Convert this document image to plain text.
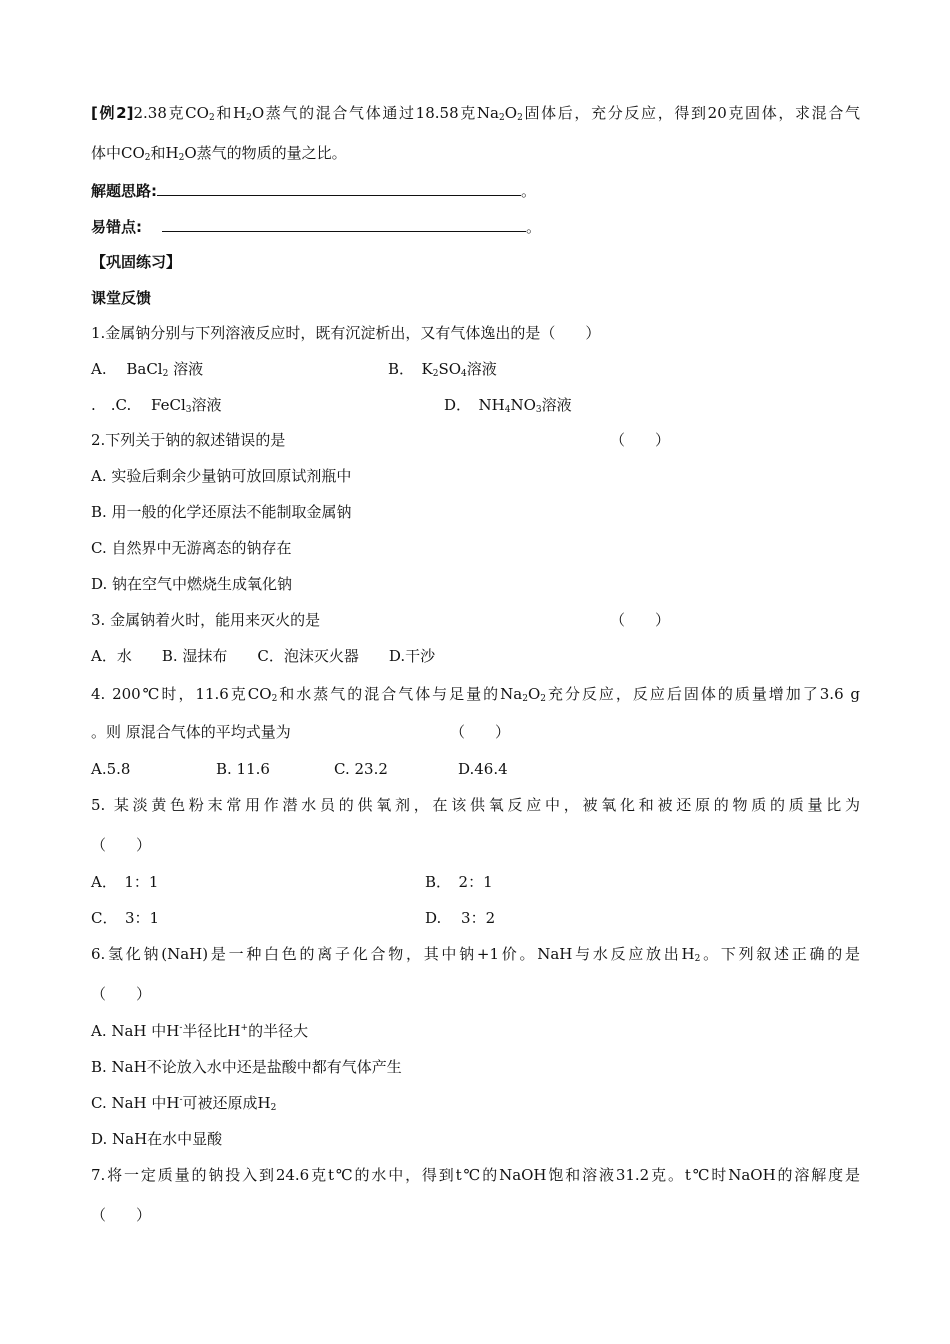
[例2]2.38克$CO_2$和$H_2O$蒸气的混合气体通过18.58克$Na_2O_2$固体后，充分反应，得到20克固体，求混合气
体中$CO_2$和$H_2O$蒸气的物质的量之比。
解题思路:	。
易错点:	。
【巩固练习】
课堂反馈
1.金属钠分别与下列溶液反应时，既有沉淀析出，又有气体逸出的是（　　）
A.　 BaCl$_2$ 溶液	B．　$K_2SO_4$溶液
.　.C.　 FeCl$_3$溶液	D．　$NH_4NO_3$溶液
2.下列关于钠的叙述错误的是	（　　）
A. 实验后剩余少量钠可放回原试剂瓶中
B. 用一般的化学还原法不能制取金属钠
C. 自然界中无游离态的钠存在
D. 钠在空气中燃烧生成氧化钠
3. 金属钠着火时，能用来灭火的是	（　　）
A．水　　B. 湿抹布　　C．泡沫灭火器　　D.干沙
4. 200℃时，11.6克$CO_2$和水蒸气的混合气体与足量的$Na_2O_2$充分反应，反应后固体的质量增加了3.6 g
。则 原混合气体的平均式量为	（　　）
A.5.8	B. 11.6	C. 23.2	D.46.4
5. 某淡黄色粉末常用作潜水员的供氧剂，在该供氧反应中，被氧化和被还原的物质的质量比为
（　　）
A．　1：1	B．　2：1
C．　3：1	D.　 3：2
6.氢化钠(NaH)是一种白色的离子化合物，其中钠+1价。NaH与水反应放出$H_2$。下列叙述正确的是
（　　）
A. NaH 中H-半径比H+的半径大
B. NaH不论放入水中还是盐酸中都有气体产生
C. NaH 中H-可被还原成$H_2$
D. NaH在水中显酸
7.将一定质量的钠投入到24.6克t℃的水中，得到t℃的NaOH饱和溶液31.2克。t℃时NaOH的溶解度是
（　　）
